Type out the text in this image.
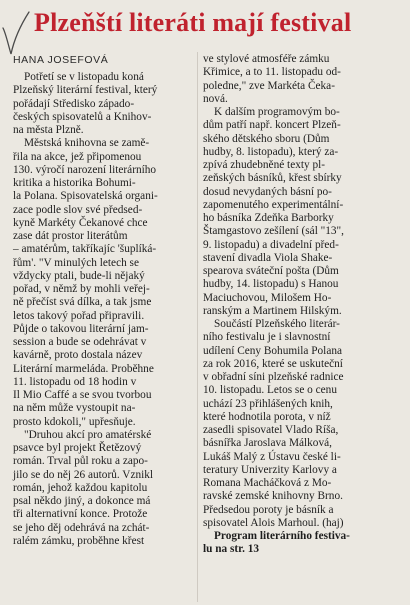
Plzeňští literáti mají festival
HANA JOSEFOVÁ
Potřetí se v listopadu koná
Plzeňský literární festival, který
pořádají Středisko západo-
českých spisovatelů a Knihov-
na města Plzně.
Městská knihovna se zamě-
řila na akce, jež připomenou
130. výročí narození literárního
kritika a historika Bohumi-
la Polana. Spisovatelská organi-
zace podle slov své předsed-
kyně Markéty Čekanové chce
zase dát prostor literátům
– amatérům, takříkajíc 'šuplíká-
řům'. "V minulých letech se
vždycky ptali, bude-li nějaký
pořad, v němž by mohli veřej-
ně přečíst svá dílka, a tak jsme
letos takový pořad připravili.
Půjde o takovou literární jam-
session a bude se odehrávat v
kavárně, proto dostala název
Literární marmeláda. Proběhne
11. listopadu od 18 hodin v
Il Mio Caffé a se svou tvorbou
na něm může vystoupit na-
prosto kdokoli," upřesňuje.
"Druhou akcí pro amatérské
psavce byl projekt Řetězový
román. Trval půl roku a zapo-
jilo se do něj 26 autorů. Vznikl
román, jehož každou kapitolu
psal někdo jiný, a dokonce má
tři alternativní konce. Protože
se jeho děj odehrává na zchát-
ralém zámku, proběhne křest
ve stylové atmosféře zámku
Křimice, a to 11. listopadu od-
poledne," zve Markéta Čeka-
nová.
K dalším programovým bo-
dům patří např. koncert Plzeň-
ského dětského sboru (Dům
hudby, 8. listopadu), který za-
zpívá zhudebněné texty pl-
zeňských básníků, křest sbírky
dosud nevydaných básní po-
zapomenutého experimentální-
ho básníka Zdeňka Barborky
Štamgastovo zešílení (sál "13",
9. listopadu) a divadelní před-
stavení divadla Viola Shake-
spearova sváteční pošta (Dům
hudby, 14. listopadu) s Hanou
Maciuchovou, Milošem Ho-
ranským a Martinem Hilským.
Součástí Plzeňského literár-
ního festivalu je i slavnostní
udílení Ceny Bohumila Polana
za rok 2016, které se uskuteční
v obřadní síni plzeňské radnice
10. listopadu. Letos se o cenu
uchází 23 přihlášených knih,
které hodnotila porota, v níž
zasedli spisovatel Vlado Ríša,
básnířka Jaroslava Málková,
Lukáš Malý z Ústavu české li-
teratury Univerzity Karlovy a
Romana Macháčková z Mo-
ravské zemské knihovny Brno.
Předsedou poroty je básník a
spisovatel Alois Marhoul. (haj)
Program literárního festiva-
lu na str. 13
